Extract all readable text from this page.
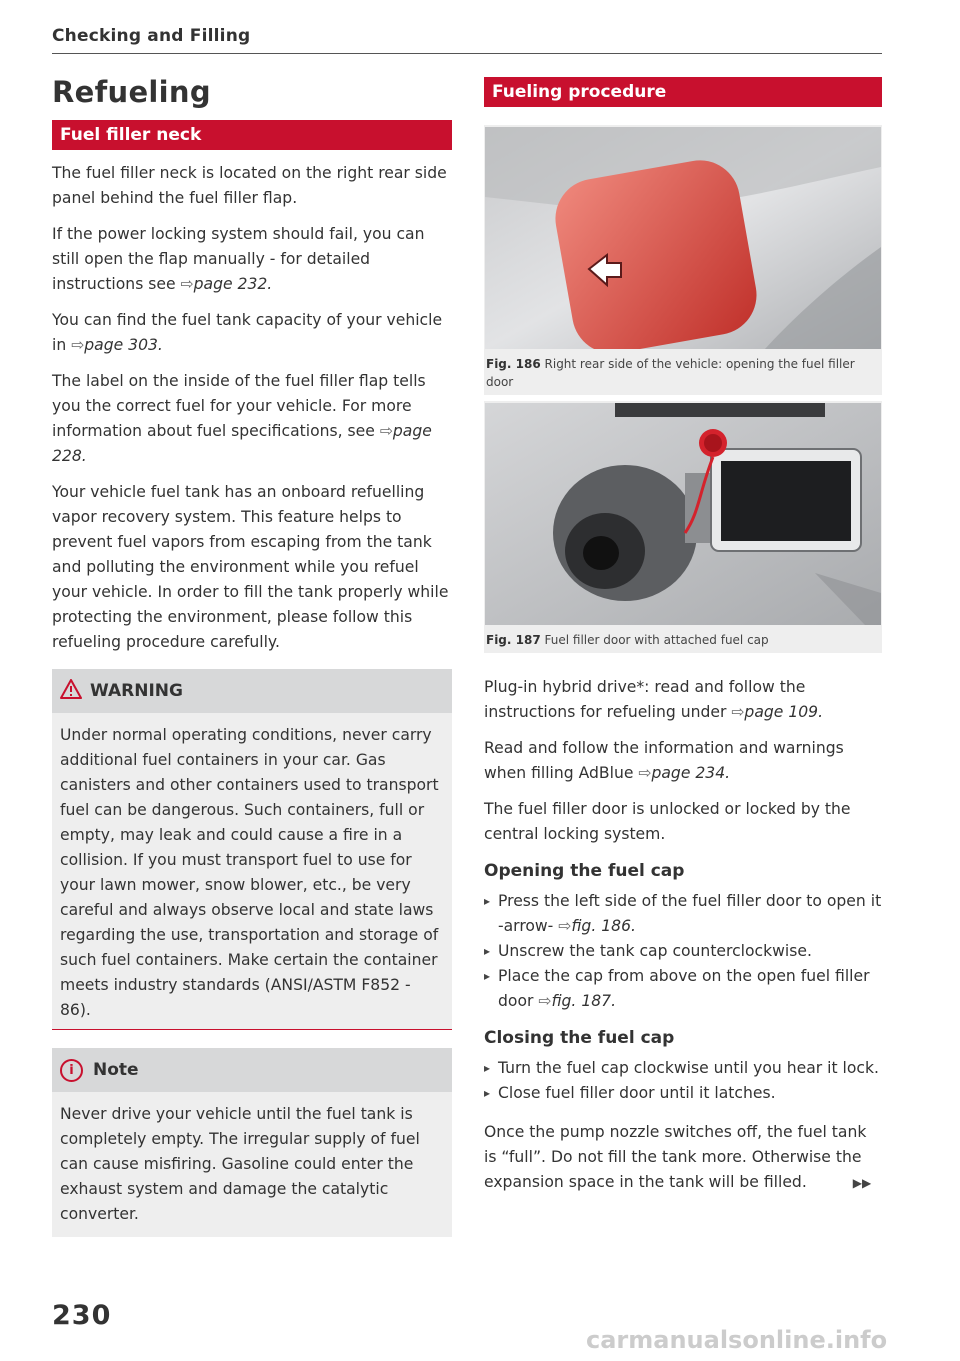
Checking and Filling
Refueling
Fuel filler neck

The fuel filler neck is located on the right rear side panel behind the fuel filler flap.

If the power locking system should fail, you can still open the flap manually - for detailed instructions see ⇨page 232.

You can find the fuel tank capacity of your vehicle in ⇨page 303.

The label on the inside of the fuel filler flap tells you the correct fuel for your vehicle. For more information about fuel specifications, see ⇨page 228.

Your vehicle fuel tank has an onboard refuelling vapor recovery system. This feature helps to prevent fuel vapors from escaping from the tank and polluting the environment while you refuel your vehicle. In order to fill the tank properly while protecting the environment, please follow this refueling procedure carefully.

WARNING

Under normal operating conditions, never carry additional fuel containers in your car. Gas canisters and other containers used to transport fuel can be dangerous. Such containers, full or empty, may leak and could cause a fire in a collision. If you must transport fuel to use for your lawn mower, snow blower, etc., be very careful and always observe local and state laws regarding the use, transportation and storage of such fuel containers. Make certain the container meets industry standards (ANSI/ASTM F852 - 86).

i Note

Never drive your vehicle until the fuel tank is completely empty. The irregular supply of fuel can cause misfiring. Gasoline could enter the exhaust system and damage the catalytic converter.

Fueling procedure
Fig. 186 Right rear side of the vehicle: opening the fuel filler door
Fig. 187 Fuel filler door with attached fuel cap

Plug-in hybrid drive*: read and follow the instructions for refueling under ⇨page 109.

Read and follow the information and warnings when filling AdBlue ⇨page 234.

The fuel filler door is unlocked or locked by the central locking system.

Opening the fuel cap
▸ Press the left side of the fuel filler door to open it -arrow- ⇨fig. 186.
▸ Unscrew the tank cap counterclockwise.
▸ Place the cap from above on the open fuel filler door ⇨fig. 187.
Closing the fuel cap
▸ Turn the fuel cap clockwise until you hear it lock.
▸ Close fuel filler door until it latches.

Once the pump nozzle switches off, the fuel tank is “full”. Do not fill the tank more. Otherwise the expansion space in the tank will be filled.	▶▶

230
carmanualsonline.info
